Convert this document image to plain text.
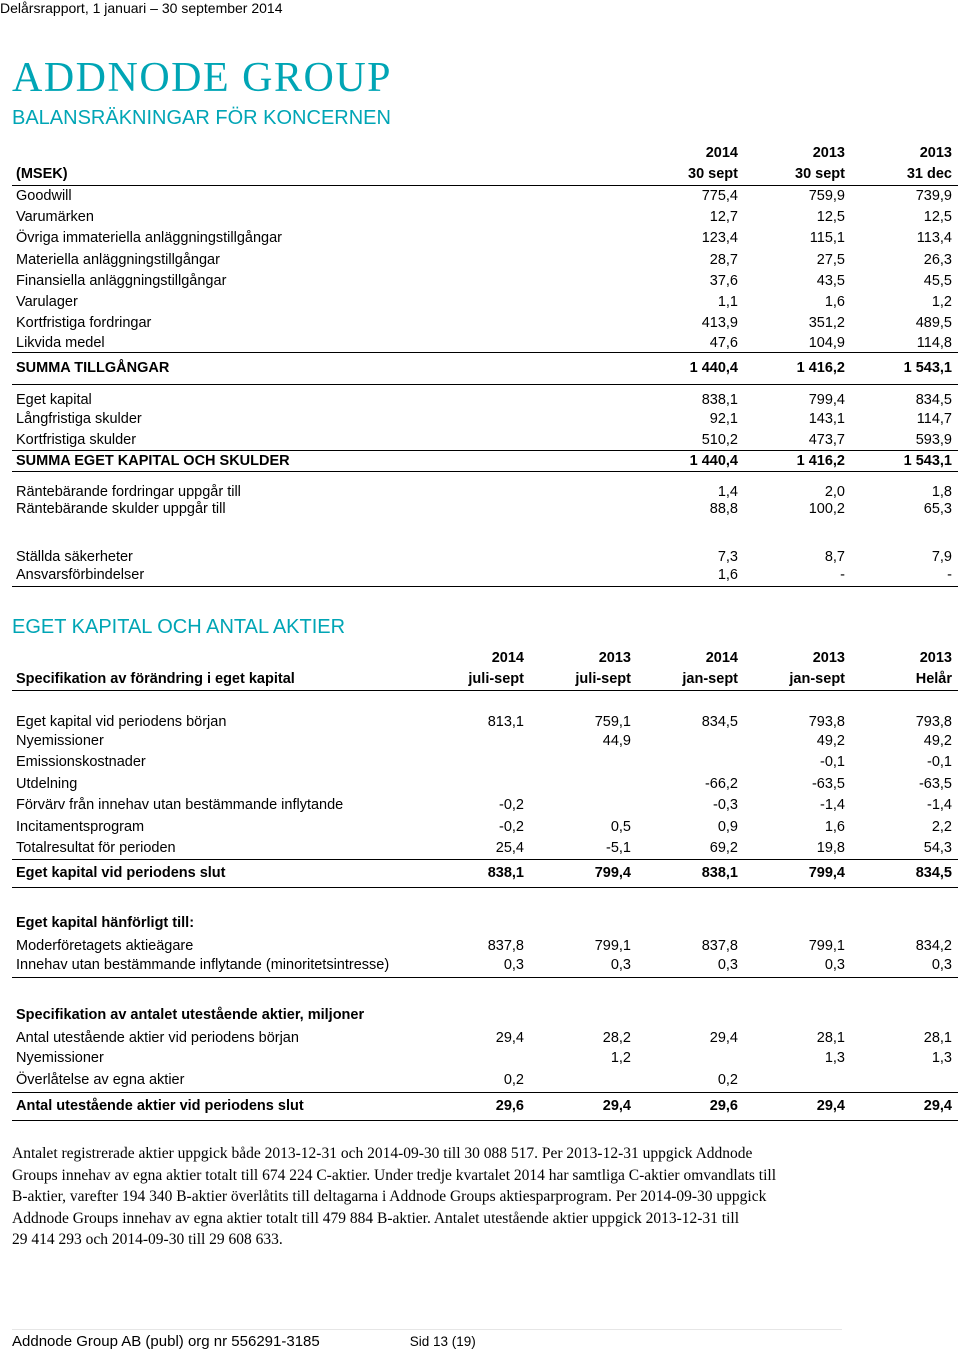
Delårsrapport, 1 januari – 30 september 2014
ADDNODE GROUP
BALANSRÄKNINGAR FÖR KONCERNEN
	2014	2013	2013
(MSEK)	30 sept	30 sept	31 dec
Goodwill	775,4	759,9	739,9
Varumärken	12,7	12,5	12,5
Övriga immateriella anläggningstillgångar	123,4	115,1	113,4
Materiella anläggningstillgångar	28,7	27,5	26,3
Finansiella anläggningstillgångar	37,6	43,5	45,5
Varulager	1,1	1,6	1,2
Kortfristiga fordringar	413,9	351,2	489,5
Likvida medel	47,6	104,9	114,8
SUMMA TILLGÅNGAR	1 440,4	1 416,2	1 543,1
Eget kapital	838,1	799,4	834,5
Långfristiga skulder	92,1	143,1	114,7
Kortfristiga skulder	510,2	473,7	593,9
SUMMA EGET KAPITAL OCH SKULDER	1 440,4	1 416,2	1 543,1
Räntebärande fordringar uppgår till	1,4	2,0	1,8
Räntebärande skulder uppgår till	88,8	100,2	65,3
Ställda säkerheter	7,3	8,7	7,9
Ansvarsförbindelser	1,6	-	-
EGET KAPITAL OCH ANTAL AKTIER
	2014	2013	2014	2013	2013
Specifikation av förändring i eget kapital	juli-sept	juli-sept	jan-sept	jan-sept	Helår
Eget kapital vid periodens början	813,1	759,1	834,5	793,8	793,8
Nyemissioner		44,9		49,2	49,2
Emissionskostnader				-0,1	-0,1
Utdelning			-66,2	-63,5	-63,5
Förvärv från innehav utan bestämmande inflytande	-0,2		-0,3	-1,4	-1,4
Incitamentsprogram	-0,2	0,5	0,9	1,6	2,2
Totalresultat för perioden	25,4	-5,1	69,2	19,8	54,3
Eget kapital vid periodens slut	838,1	799,4	838,1	799,4	834,5
Eget kapital hänförligt till:					
Moderföretagets aktieägare	837,8	799,1	837,8	799,1	834,2
Innehav utan bestämmande inflytande (minoritetsintresse)	0,3	0,3	0,3	0,3	0,3
Specifikation av antalet utestående aktier, miljoner					
Antal utestående aktier vid periodens början	29,4	28,2	29,4	28,1	28,1
Nyemissioner		1,2		1,3	1,3
Överlåtelse av egna aktier	0,2		0,2		
Antal utestående aktier vid periodens slut	29,6	29,4	29,6	29,4	29,4

Antalet registrerade aktier uppgick både 2013-12-31 och 2014-09-30 till 30 088 517. Per 2013-12-31 uppgick Addnode

Groups innehav av egna aktier totalt till 674 224 C-aktier. Under tredje kvartalet 2014 har samtliga C-aktier omvandlats till

B-aktier, varefter 194 340 B-aktier överlåtits till deltagarna i Addnode Groups aktiesparprogram. Per 2014-09-30 uppgick

Addnode Groups innehav av egna aktier totalt till 479 884 B-aktier. Antalet utestående aktier uppgick 2013-12-31 till

29 414 293 och 2014-09-30 till 29 608 633.

Addnode Group AB (publ) org nr 556291-3185	Sid 13 (19)
